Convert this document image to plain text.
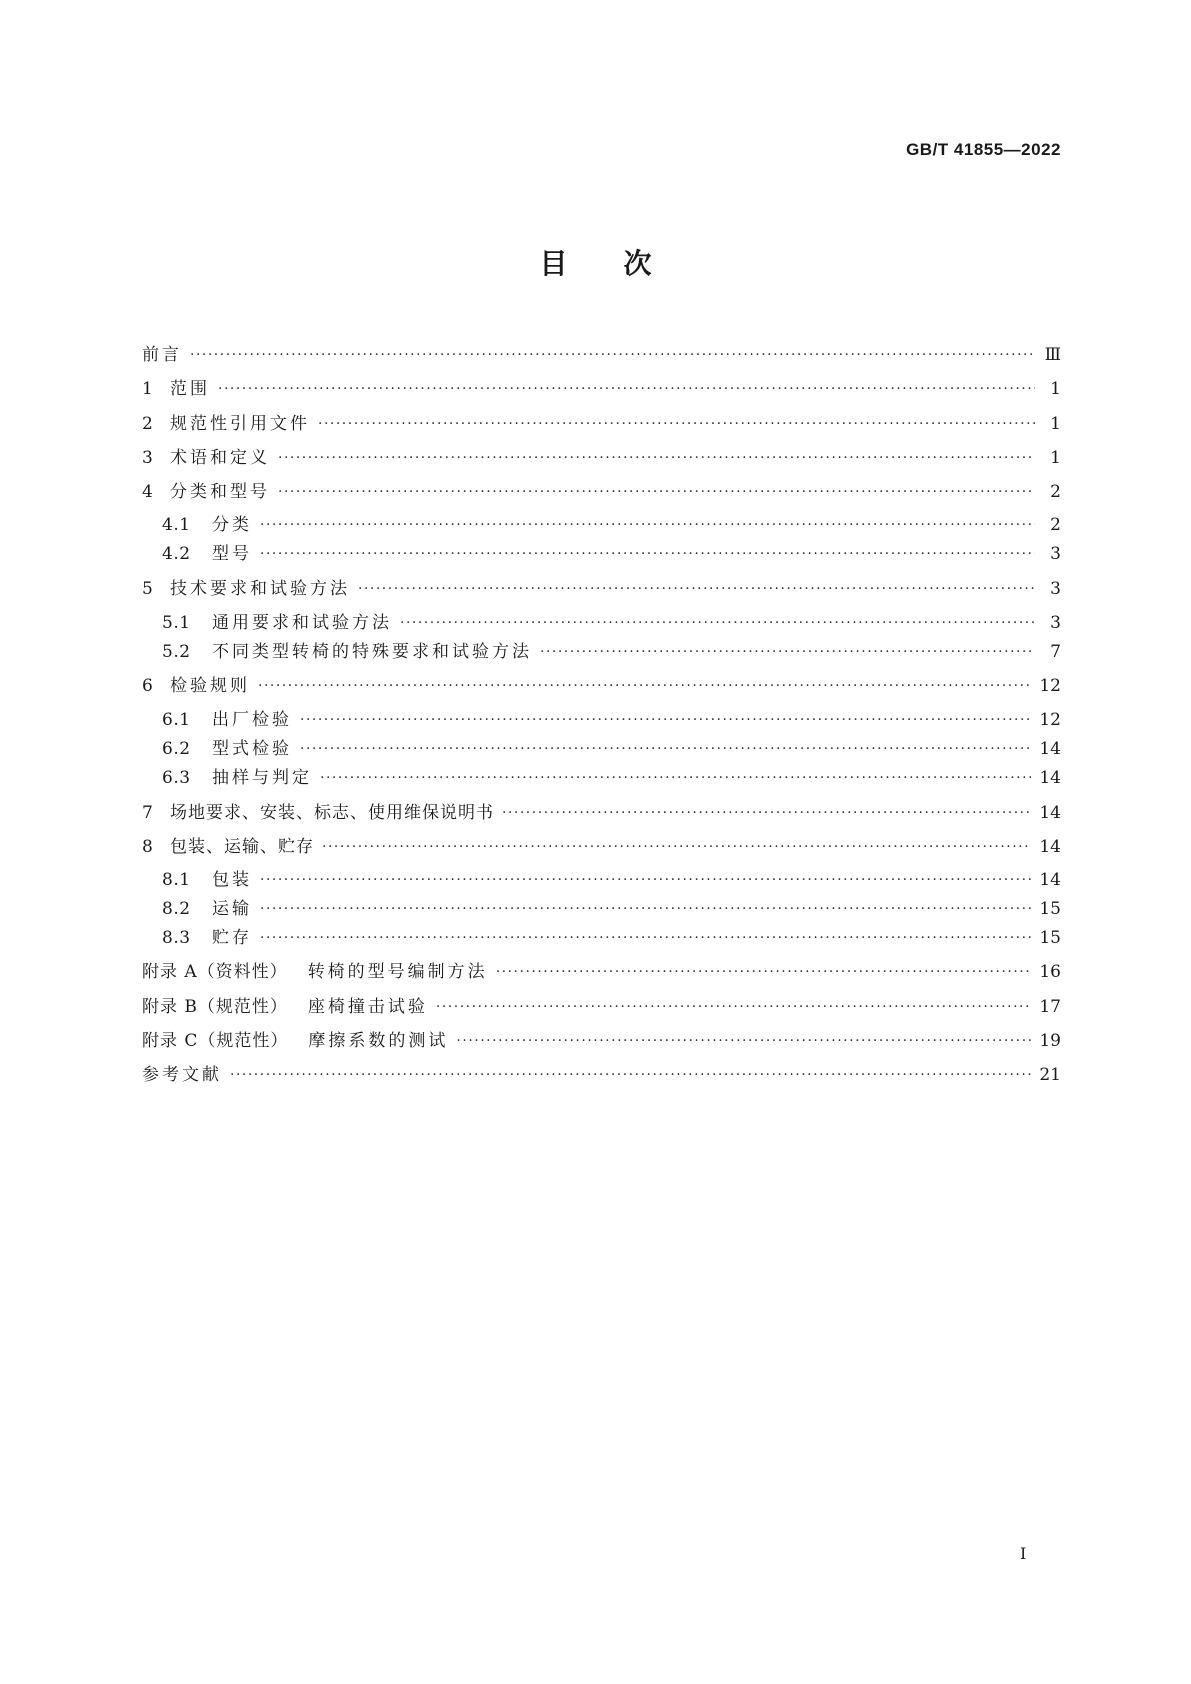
GB/T 41855—2022
目次
前言 ·····	Ⅲ
1 范围 ·····	1
2 规范性引用文件 ·····	1
3 术语和定义 ·····	1
4 分类和型号 ·····	2
4.1	分类 ·····	2
4.2	型号 ·····	3
5 技术要求和试验方法 ·····	3
5.1	通用要求和试验方法 ·····	3
5.2	不同类型转椅的特殊要求和试验方法 ·····	7
6 检验规则 ·····	12
6.1	出厂检验 ·····	12
6.2	型式检验 ·····	14
6.3	抽样与判定 ·····	14
7 场地要求、安装、标志、使用维保说明书 ·····	14
8 包装、运输、贮存 ·····	14
8.1	包装 ·····	14
8.2	运输 ·····	15
8.3	贮存 ·····	15
附录 A（资料性） 转椅的型号编制方法 ·····	16
附录 B（规范性） 座椅撞击试验 ·····	17
附录 C（规范性） 摩擦系数的测试 ·····	19
参考文献 ·····	21
Ⅰ
